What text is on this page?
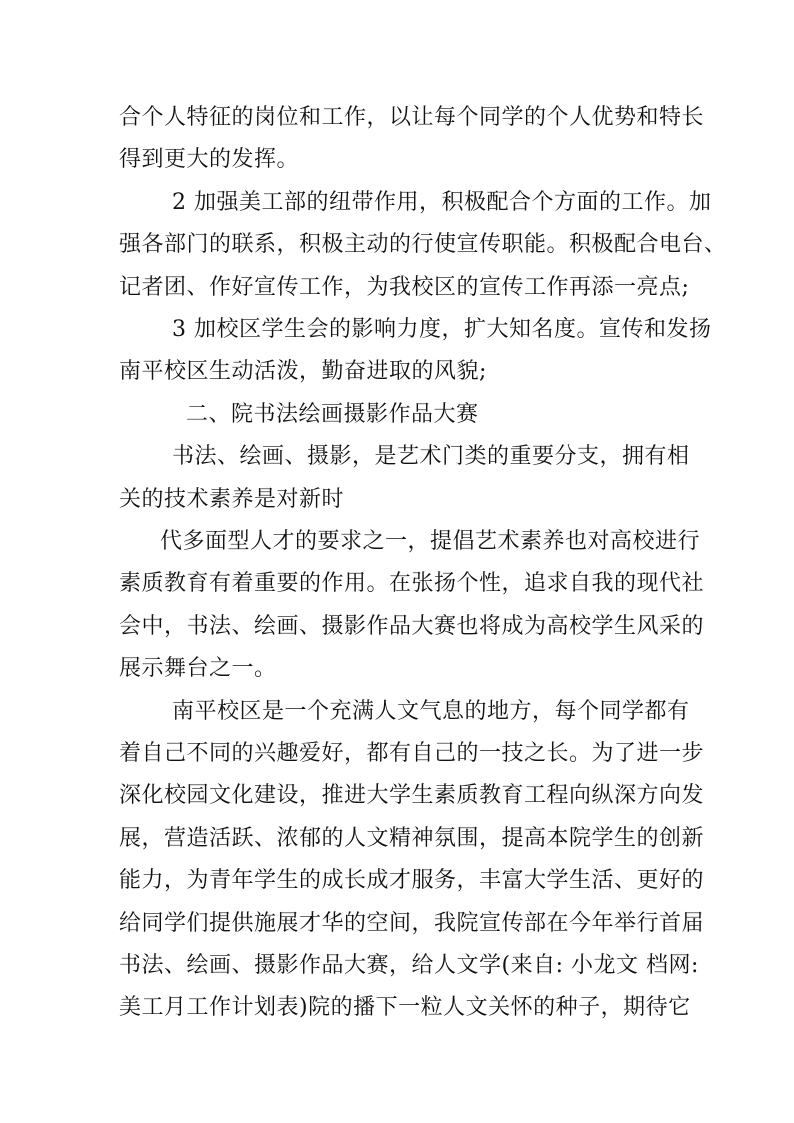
合个人特征的岗位和工作，以让每个同学的个人优势和特长
得到更大的发挥。
2 加强美工部的纽带作用，积极配合个方面的工作。加
强各部门的联系，积极主动的行使宣传职能。积极配合电台、
记者团、作好宣传工作，为我校区的宣传工作再添一亮点;
3 加校区学生会的影响力度，扩大知名度。宣传和发扬
南平校区生动活泼，勤奋进取的风貌;
二、院书法绘画摄影作品大赛
书法、绘画、摄影，是艺术门类的重要分支，拥有相
关的技术素养是对新时
代多面型人才的要求之一，提倡艺术素养也对高校进行
素质教育有着重要的作用。在张扬个性，追求自我的现代社
会中，书法、绘画、摄影作品大赛也将成为高校学生风采的
展示舞台之一。
南平校区是一个充满人文气息的地方，每个同学都有
着自己不同的兴趣爱好，都有自己的一技之长。为了进一步
深化校园文化建设，推进大学生素质教育工程向纵深方向发
展，营造活跃、浓郁的人文精神氛围，提高本院学生的创新
能力，为青年学生的成长成才服务，丰富大学生活、更好的
给同学们提供施展才华的空间，我院宣传部在今年举行首届
书法、绘画、摄影作品大赛，给人文学(来自: 小龙文 档网:
美工月工作计划表)院的播下一粒人文关怀的种子，期待它
